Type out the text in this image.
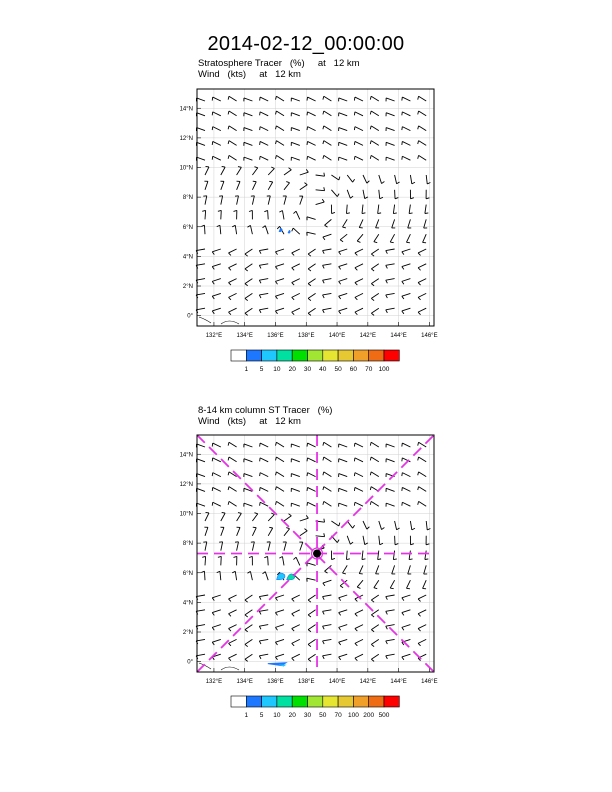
2014-02-12_00:00:00
Stratosphere Tracer   (%)     at   12 km
Wind   (kts)     at   12 km
8-14 km column ST Tracer   (%)
Wind   (kts)     at   12 km
14°N
12°N
10°N
8°N
6°N
4°N
2°N
0°
132°E 134°E 136°E 138°E 140°E 142°E 144°E 146°E
1 5 10 20 30 40 50 60 70 100
14°N
12°N
10°N
8°N
6°N
4°N
2°N
0°
132°E 134°E 136°E 138°E 140°E 142°E 144°E 146°E
1 5 10 20 30 50 70 100 200 500
